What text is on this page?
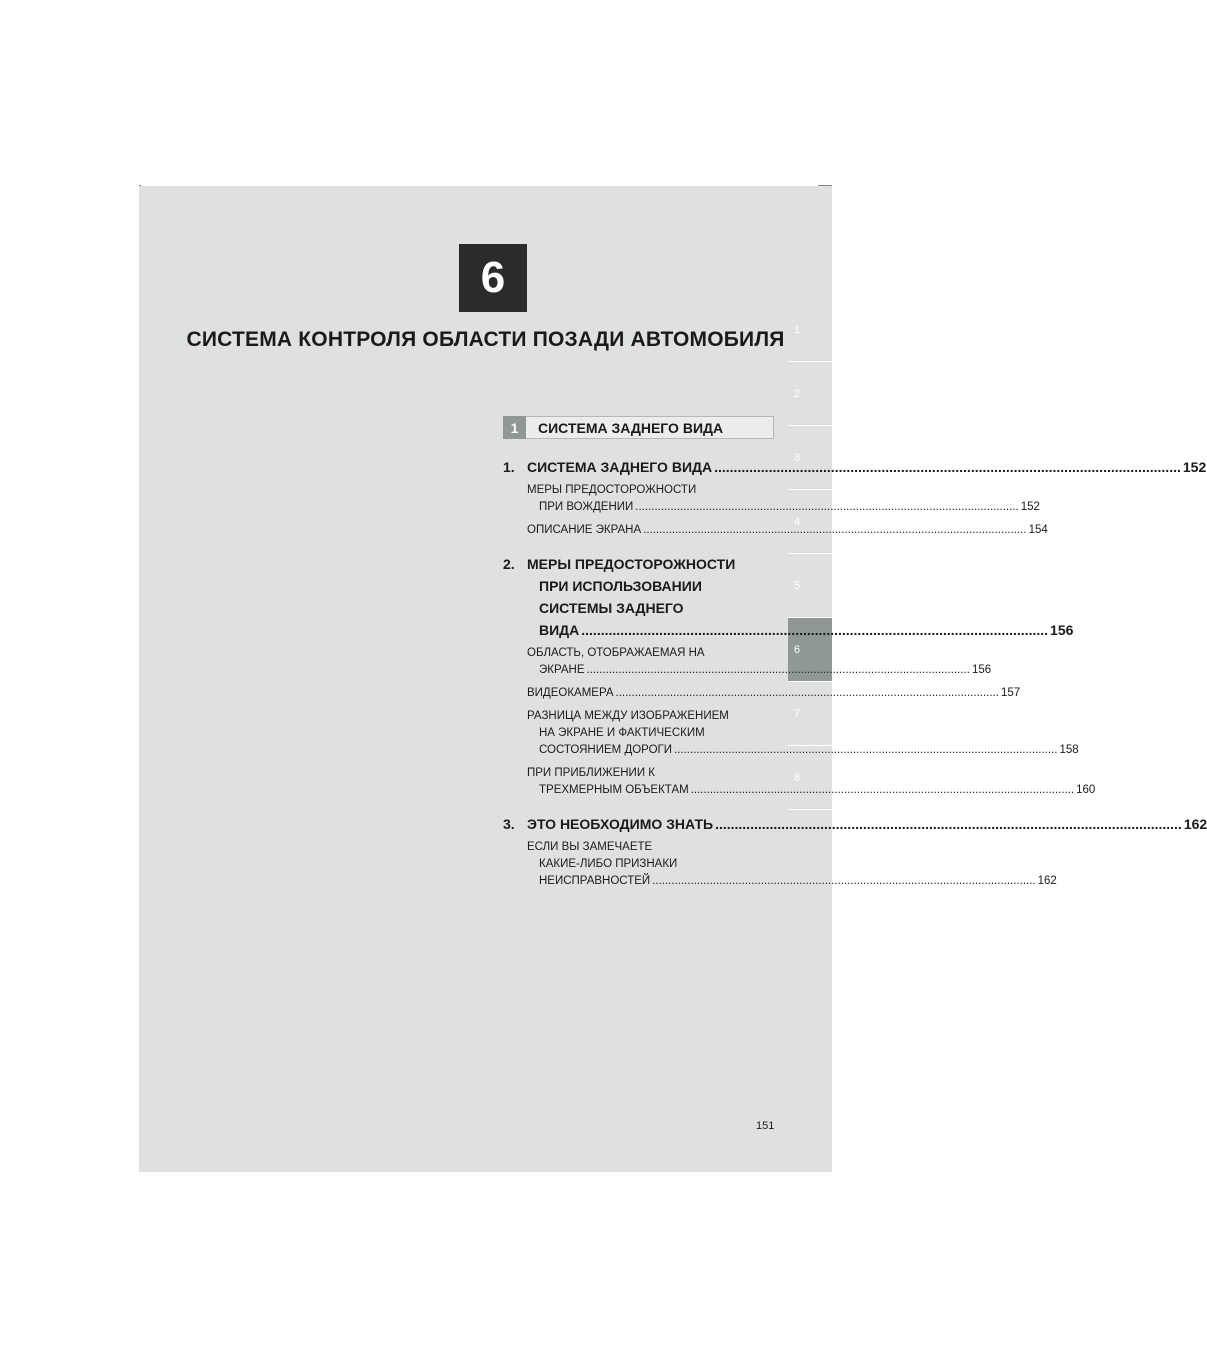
6
СИСТЕМА КОНТРОЛЯ ОБЛАСТИ ПОЗАДИ АВТОМОБИЛЯ 1
2
3
4
5
6
7
8
1	СИСТЕМА ЗАДНЕГО ВИДА
1. СИСТЕМА ЗАДНЕГО ВИДА .....	152
МЕРЫ ПРЕДОСТОРОЖНОСТИ
ПРИ ВОЖДЕНИИ .....	152
ОПИСАНИЕ ЭКРАНА .....	154
2. МЕРЫ ПРЕДОСТОРОЖНОСТИ
ПРИ ИСПОЛЬЗОВАНИИ
СИСТЕМЫ ЗАДНЕГО
ВИДА .....	156
ОБЛАСТЬ, ОТОБРАЖАЕМАЯ НА
ЭКРАНЕ .....	156
ВИДЕОКАМЕРА .....	157
РАЗНИЦА МЕЖДУ ИЗОБРАЖЕНИЕМ
НА ЭКРАНЕ И ФАКТИЧЕСКИМ
СОСТОЯНИЕМ ДОРОГИ .....	158
ПРИ ПРИБЛИЖЕНИИ К
ТРЕХМЕРНЫМ ОБЪЕКТАМ .....	160
3. ЭТО НЕОБХОДИМО ЗНАТЬ .....	162
ЕСЛИ ВЫ ЗАМЕЧАЕТЕ
КАКИЕ-ЛИБО ПРИЗНАКИ
НЕИСПРАВНОСТЕЙ .....	162
151
